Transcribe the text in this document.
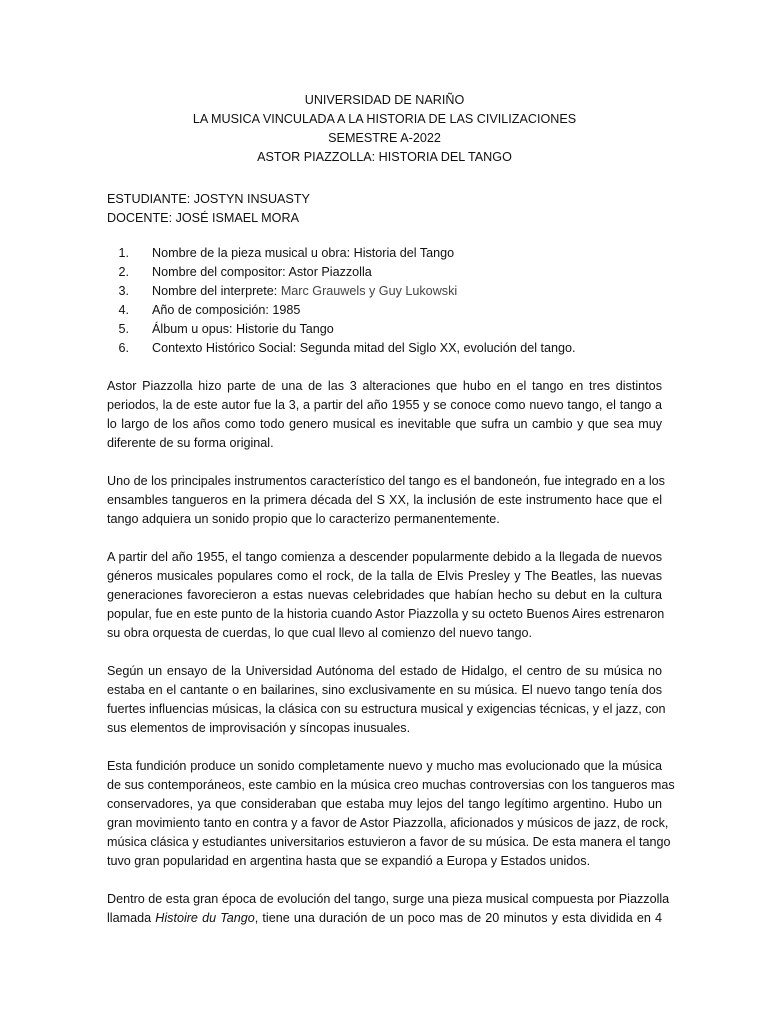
UNIVERSIDAD DE NARIÑO
LA MUSICA VINCULADA A LA HISTORIA DE LAS CIVILIZACIONES
SEMESTRE A-2022
ASTOR PIAZZOLLA: HISTORIA DEL TANGO
ESTUDIANTE: JOSTYN INSUASTY
DOCENTE: JOSÉ ISMAEL MORA
1.	Nombre de la pieza musical u obra: Historia del Tango
2.	Nombre del compositor: Astor Piazzolla
3.	Nombre del interprete: Marc Grauwels y Guy Lukowski
4.	Año de composición: 1985
5.	Álbum u opus: Historie du Tango
6.	Contexto Histórico Social: Segunda mitad del Siglo XX, evolución del tango.

Astor Piazzolla hizo parte de una de las 3 alteraciones que hubo en el tango en tres distintos
periodos, la de este autor fue la 3, a partir del año 1955 y se conoce como nuevo tango, el tango a
lo largo de los años como todo genero musical es inevitable que sufra un cambio y que sea muy
diferente de su forma original.

Uno de los principales instrumentos característico del tango es el bandoneón, fue integrado en a los
ensambles tangueros en la primera década del S XX, la inclusión de este instrumento hace que el
tango adquiera un sonido propio que lo caracterizo permanentemente.

A partir del año 1955, el tango comienza a descender popularmente debido a la llegada de nuevos
géneros musicales populares como el rock, de la talla de Elvis Presley y The Beatles, las nuevas
generaciones favorecieron a estas nuevas celebridades que habían hecho su debut en la cultura
popular, fue en este punto de la historia cuando Astor Piazzolla y su octeto Buenos Aires estrenaron
su obra orquesta de cuerdas, lo que cual llevo al comienzo del nuevo tango.

Según un ensayo de la Universidad Autónoma del estado de Hidalgo, el centro de su música no
estaba en el cantante o en bailarines, sino exclusivamente en su música. El nuevo tango tenía dos
fuertes influencias músicas, la clásica con su estructura musical y exigencias técnicas, y el jazz, con
sus elementos de improvisación y síncopas inusuales.

Esta fundición produce un sonido completamente nuevo y mucho mas evolucionado que la música
de sus contemporáneos, este cambio en la música creo muchas controversias con los tangueros mas
conservadores, ya que consideraban que estaba muy lejos del tango legítimo argentino. Hubo un
gran movimiento tanto en contra y a favor de Astor Piazzolla, aficionados y músicos de jazz, de rock,
música clásica y estudiantes universitarios estuvieron a favor de su música. De esta manera el tango
tuvo gran popularidad en argentina hasta que se expandió a Europa y Estados unidos.

Dentro de esta gran época de evolución del tango, surge una pieza musical compuesta por Piazzolla
llamada Histoire du Tango, tiene una duración de un poco mas de 20 minutos y esta dividida en 4
